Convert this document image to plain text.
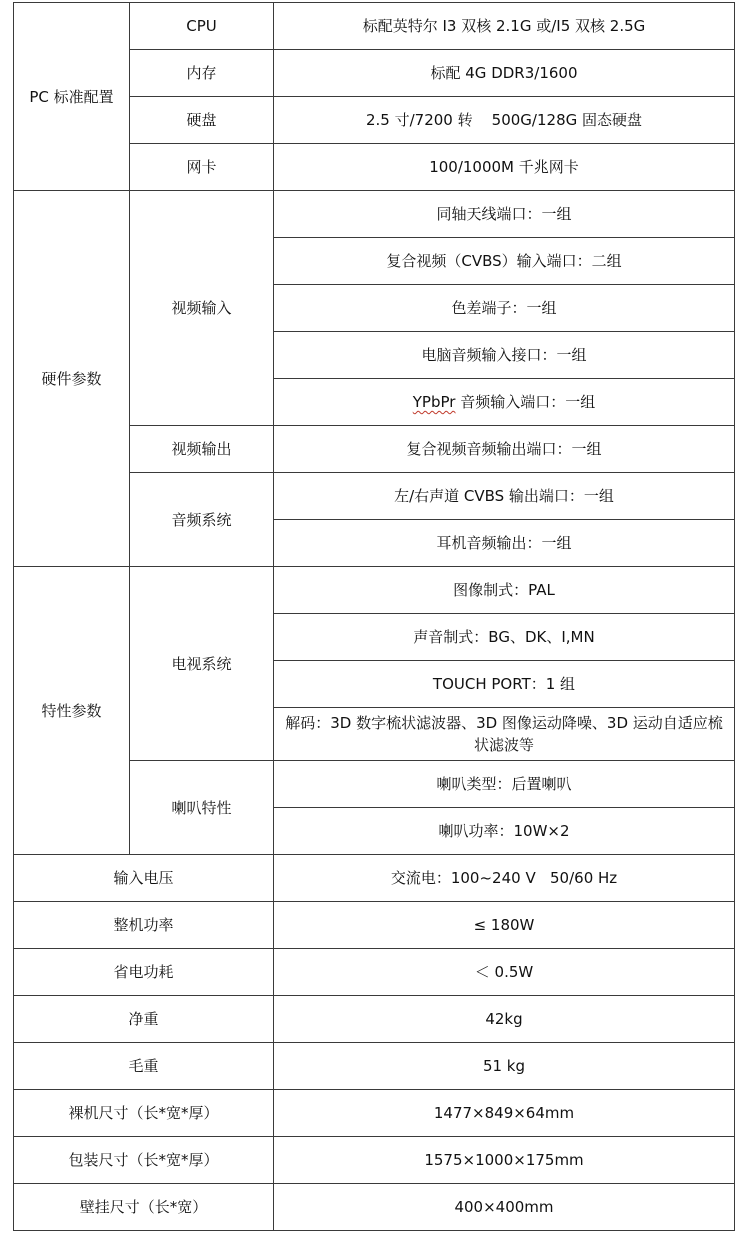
PC 标准配置	CPU	标配英特尔 I3 双核 2.1G 或/I5 双核 2.5G
	内存	标配 4G DDR3/1600
	硬盘	2.5 寸/7200 转    500G/128G 固态硬盘
	网卡	100/1000M 千兆网卡
硬件参数	视频输入	同轴天线端口：一组
		复合视频（CVBS）输入端口：二组
		色差端子：一组
		电脑音频输入接口：一组
		YPbPr 音频输入端口：一组
	视频输出	复合视频音频输出端口：一组
	音频系统	左/右声道 CVBS 输出端口：一组
		耳机音频输出：一组
特性参数	电视系统	图像制式：PAL
		声音制式：BG、DK、I,MN
		TOUCH PORT：1 组
		解码：3D 数字梳状滤波器、3D 图像运动降噪、3D 运动自适应梳状滤波等
	喇叭特性	喇叭类型：后置喇叭
		喇叭功率：10W×2
输入电压		交流电：100~240 V   50/60 Hz
整机功率		≤ 180W
省电功耗		＜ 0.5W
净重		42kg
毛重		51 kg
裸机尺寸（长*宽*厚）		1477×849×64mm
包装尺寸（长*宽*厚）		1575×1000×175mm
壁挂尺寸（长*宽）		400×400mm
